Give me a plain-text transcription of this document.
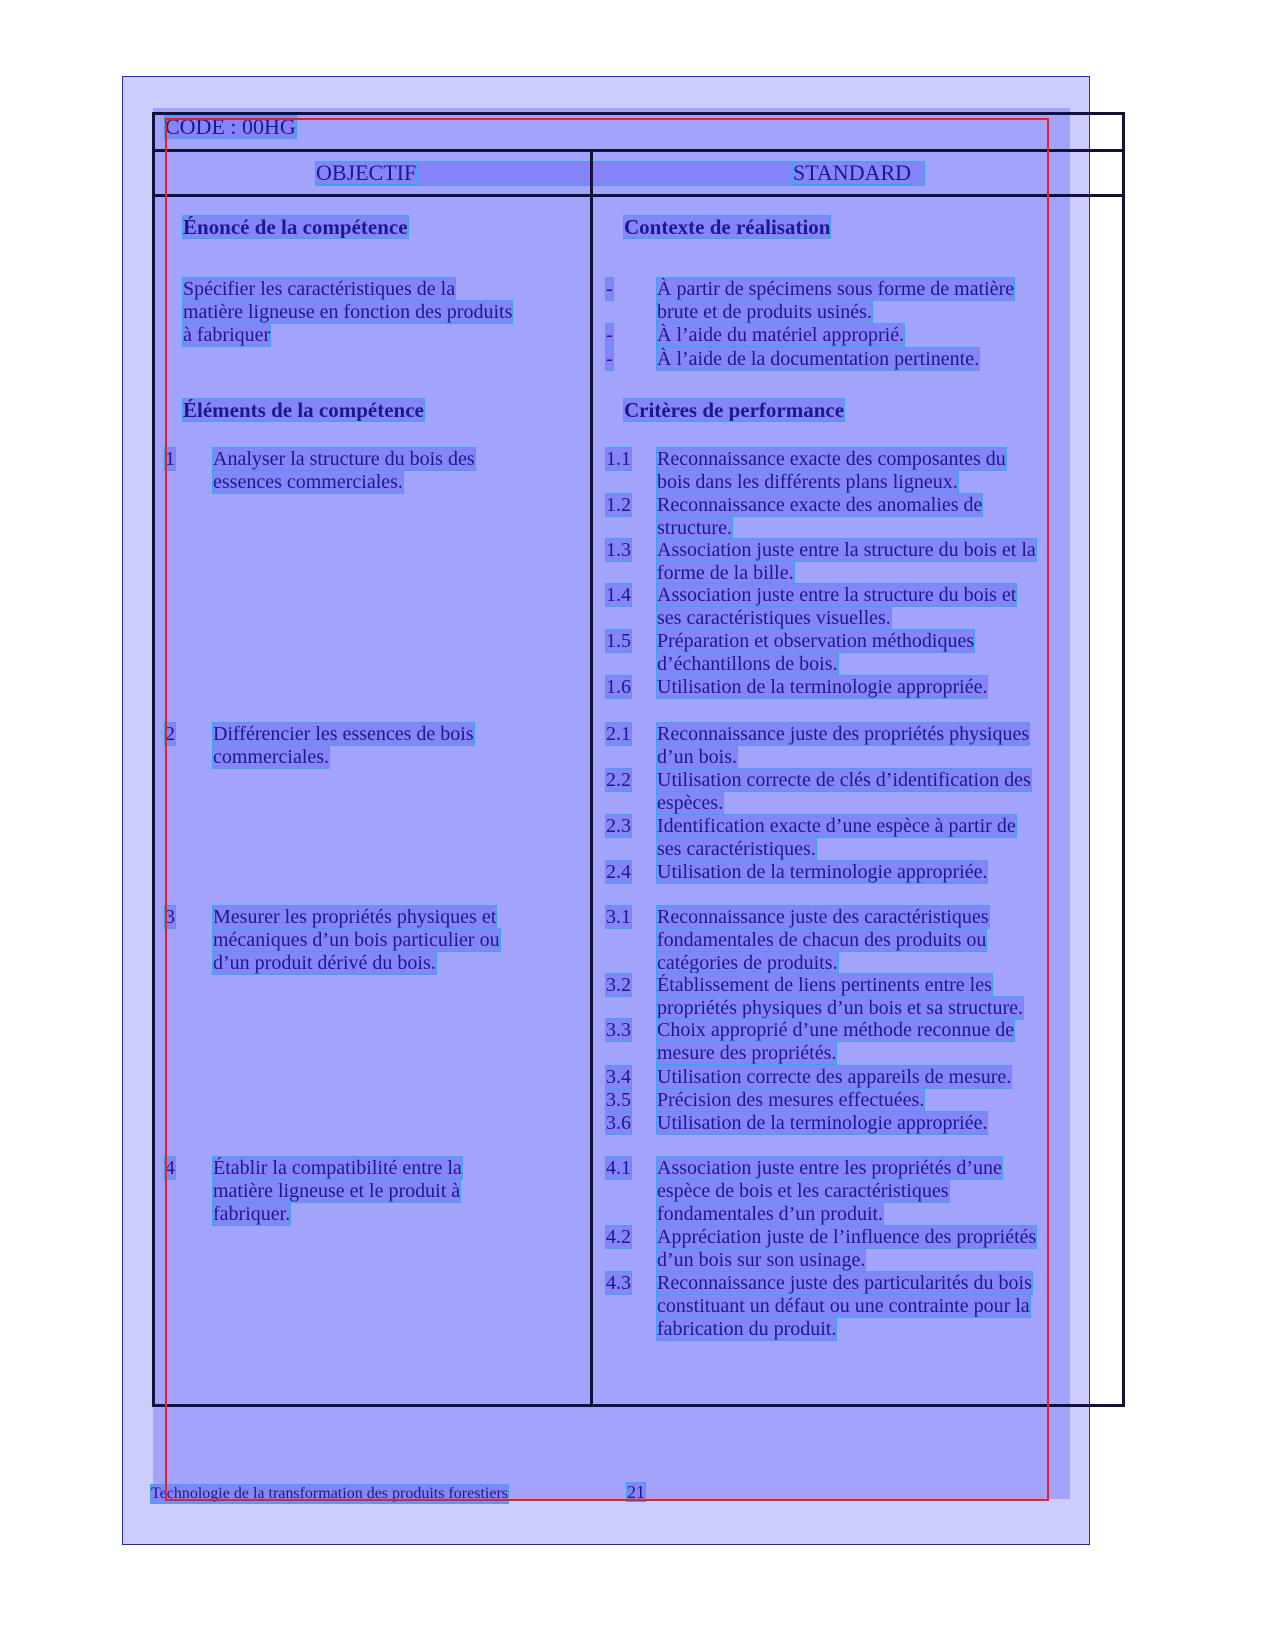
CODE : 00HG
OBJECTIF	STANDARD
Énoncé de la compétence
Spécifier les caractéristiques de la
matière ligneuse en fonction des produits
à fabriquer
Éléments de la compétence
1 Analyser la structure du bois des
essences commerciales.
2 Différencier les essences de bois
commerciales.
3 Mesurer les propriétés physiques et
mécaniques d’un bois particulier ou
d’un produit dérivé du bois.
4 Établir la compatibilité entre la
matière ligneuse et le produit à
fabriquer.
Contexte de réalisation
- À partir de spécimens sous forme de matière
brute et de produits usinés.
- À l’aide du matériel approprié.
- À l’aide de la documentation pertinente.
Critères de performance
1.1 Reconnaissance exacte des composantes du
bois dans les différents plans ligneux.
1.2 Reconnaissance exacte des anomalies de
structure.
1.3 Association juste entre la structure du bois et la
forme de la bille.
1.4 Association juste entre la structure du bois et
ses caractéristiques visuelles.
1.5 Préparation et observation méthodiques
d’échantillons de bois.
1.6 Utilisation de la terminologie appropriée.
2.1 Reconnaissance juste des propriétés physiques
d’un bois.
2.2 Utilisation correcte de clés d’identification des
espèces.
2.3 Identification exacte d’une espèce à partir de
ses caractéristiques.
2.4 Utilisation de la terminologie appropriée.
3.1 Reconnaissance juste des caractéristiques
fondamentales de chacun des produits ou
catégories de produits.
3.2 Établissement de liens pertinents entre les
propriétés physiques d’un bois et sa structure.
3.3 Choix approprié d’une méthode reconnue de
mesure des propriétés.
3.4 Utilisation correcte des appareils de mesure.
3.5 Précision des mesures effectuées.
3.6 Utilisation de la terminologie appropriée.
4.1 Association juste entre les propriétés d’une
espèce de bois et les caractéristiques
fondamentales d’un produit.
4.2 Appréciation juste de l’influence des propriétés
d’un bois sur son usinage.
4.3 Reconnaissance juste des particularités du bois
constituant un défaut ou une contrainte pour la
fabrication du produit.
Technologie de la transformation des produits forestiers	21
